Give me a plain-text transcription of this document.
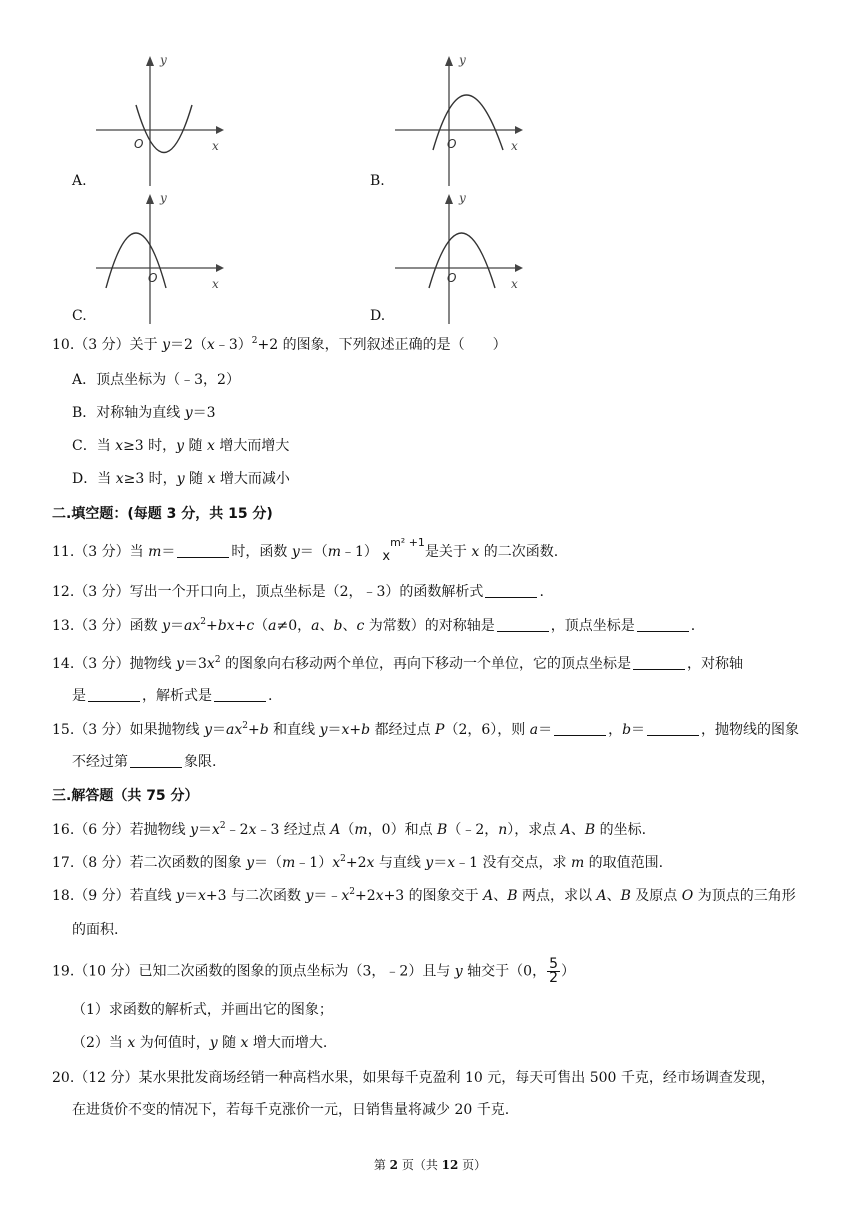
y
x
O
A.
y
x
O
B.
y
x
O
C.
y
x
O
D.
10.（3 分）关于 y＝2（x﹣3）$^2$+2 的图象，下列叙述正确的是（　　）
A．顶点坐标为（﹣3，2）
B．对称轴为直线 y＝3
C．当 x≥3 时，y 随 x 增大而增大
D．当 x≥3 时，y 随 x 增大而减小
二.填空题：(每题 3 分，共 15 分)
11.（3 分）当 m＝	时，函数 y＝（m﹣1） $x^{m^2 +1}$是关于 x 的二次函数.
12.（3 分）写出一个开口向上，顶点坐标是（2，﹣3）的函数解析式	.
13.（3 分）函数 $y=ax^2+bx+c(a\ne 0$，a、b、c 为常数）的对称轴是	，顶点坐标是	.
14.（3 分）抛物线 $y=3x^2$ 的图象向右移动两个单位，再向下移动一个单位，它的顶点坐标是	，对称轴
是	，解析式是	.
15.（3 分）如果抛物线 $y=ax^2+b$ 和直线 y＝x+b 都经过点 P（2，6），则 a＝	，b＝	，抛物线的图象
不经过第	象限.
三.解答题（共 75 分）
16.（6 分）若抛物线 $y=x^2﹣2x﹣3$ 经过点 A（m，0）和点 B（﹣2，n），求点 A、B 的坐标.
17.（8 分）若二次函数的图象 $y=(m﹣1)x^2+2x$ 与直线 y＝x﹣1 没有交点，求 m 的取值范围.
18.（9 分）若直线 y＝x+3 与二次函数 $y=﹣x^2+2x+3$ 的图象交于 A、B 两点，求以 A、B 及原点 O 为顶点的三角形
的面积.
19.（10 分）已知二次函数的图象的顶点坐标为（3，﹣2）且与 y 轴交于（0， $\frac{5}{2}$ ）
（1）求函数的解析式，并画出它的图象；
（2）当 x 为何值时，y 随 x 增大而增大.
20.（12 分）某水果批发商场经销一种高档水果，如果每千克盈利 10 元，每天可售出 500 千克，经市场调查发现，
在进货价不变的情况下，若每千克涨价一元，日销售量将减少 20 千克.
第 2 页（共 12 页）
